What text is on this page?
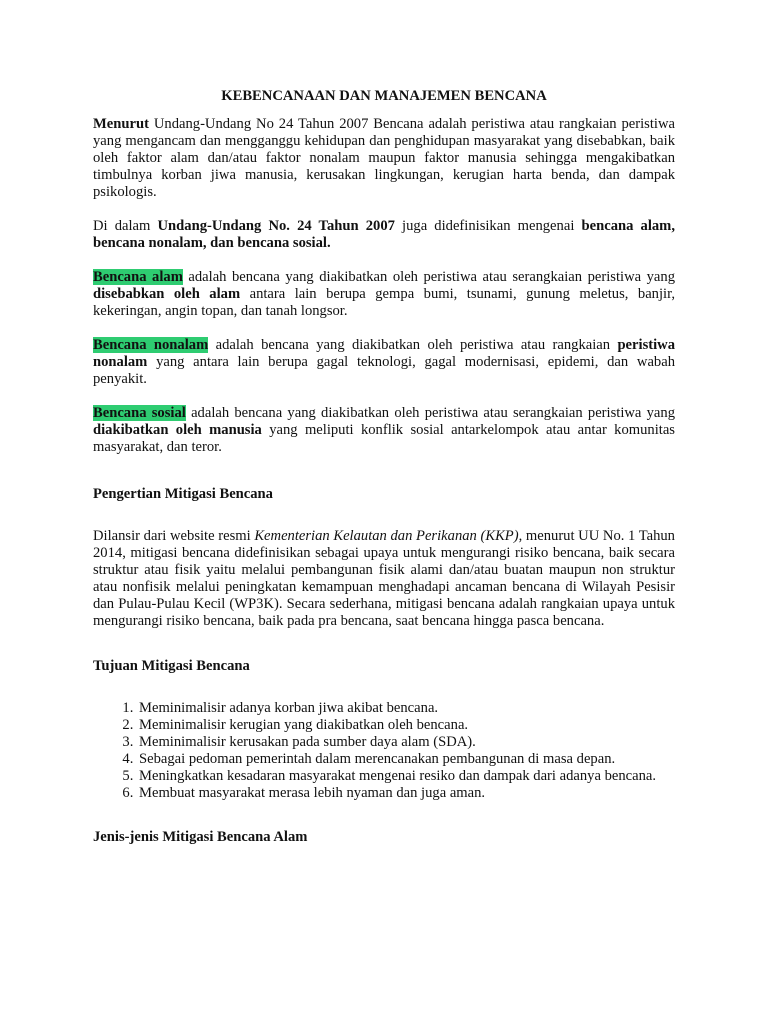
KEBENCANAAN DAN MANAJEMEN BENCANA

Menurut Undang-Undang No 24 Tahun 2007 Bencana adalah peristiwa atau rangkaian peristiwa yang mengancam dan mengganggu kehidupan dan penghidupan masyarakat yang disebabkan, baik oleh faktor alam dan/atau faktor nonalam maupun faktor manusia sehingga mengakibatkan timbulnya korban jiwa manusia, kerusakan lingkungan, kerugian harta benda, dan dampak psikologis.

Di dalam Undang-Undang No. 24 Tahun 2007 juga didefinisikan mengenai bencana alam, bencana nonalam, dan bencana sosial.

Bencana alam adalah bencana yang diakibatkan oleh peristiwa atau serangkaian peristiwa yang disebabkan oleh alam antara lain berupa gempa bumi, tsunami, gunung meletus, banjir, kekeringan, angin topan, dan tanah longsor.

Bencana nonalam adalah bencana yang diakibatkan oleh peristiwa atau rangkaian peristiwa nonalam yang antara lain berupa gagal teknologi, gagal modernisasi, epidemi, dan wabah penyakit.

Bencana sosial adalah bencana yang diakibatkan oleh peristiwa atau serangkaian peristiwa yang diakibatkan oleh manusia yang meliputi konflik sosial antarkelompok atau antar komunitas masyarakat, dan teror.

Pengertian Mitigasi Bencana

Dilansir dari website resmi Kementerian Kelautan dan Perikanan (KKP), menurut UU No. 1 Tahun 2014, mitigasi bencana didefinisikan sebagai upaya untuk mengurangi risiko bencana, baik secara struktur atau fisik yaitu melalui pembangunan fisik alami dan/atau buatan maupun non struktur atau nonfisik melalui peningkatan kemampuan menghadapi ancaman bencana di Wilayah Pesisir dan Pulau-Pulau Kecil (WP3K). Secara sederhana, mitigasi bencana adalah rangkaian upaya untuk mengurangi risiko bencana, baik pada pra bencana, saat bencana hingga pasca bencana.

Tujuan Mitigasi Bencana

1. Meminimalisir adanya korban jiwa akibat bencana.
2. Meminimalisir kerugian yang diakibatkan oleh bencana.
3. Meminimalisir kerusakan pada sumber daya alam (SDA).
4. Sebagai pedoman pemerintah dalam merencanakan pembangunan di masa depan.
5. Meningkatkan kesadaran masyarakat mengenai resiko dan dampak dari adanya bencana.
6. Membuat masyarakat merasa lebih nyaman dan juga aman.

Jenis-jenis Mitigasi Bencana Alam
